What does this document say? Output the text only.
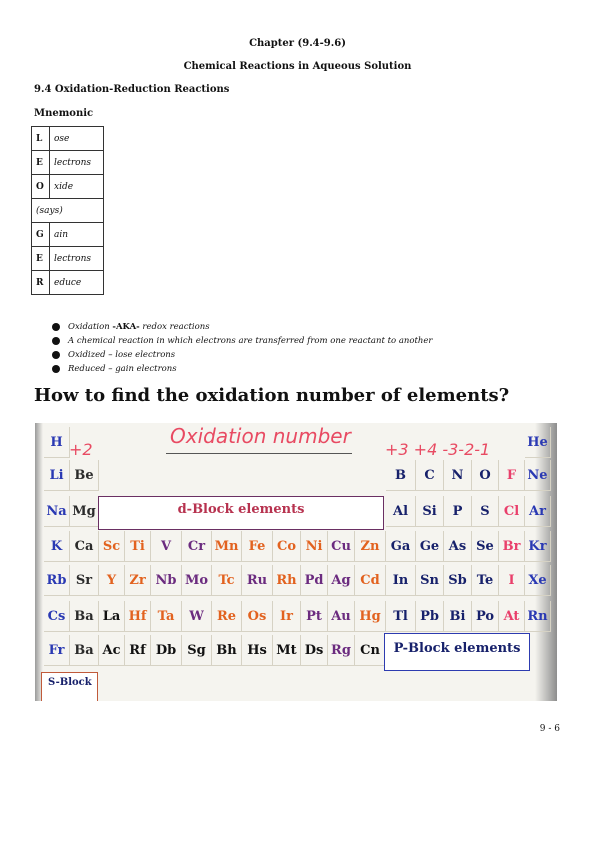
Chapter (9.4-9.6)
Chemical Reactions in Aqueous Solution
9.4 Oxidation-Reduction Reactions
Mnemonic
L	ose
E	lectrons
O	xide
(says)	
G	ain
E	lectrons
R	educe
Oxidation -AKA- redox reactions
A chemical reaction in which electrons are transferred from one reactant to another
Oxidized – lose electrons
Reduced – gain electrons
How to find the oxidation number of elements?
H	He
Li Be	B	C	N	O	F Ne
Na Mg	Al	Si	P	S	Cl Ar
K Ca Sc Ti	V	Cr Mn Fe Co Ni Cu Zn Ga Ge As Se Br Kr
Rb Sr	Y	Zr Nb Mo Tc Ru Rh Pd Ag Cd	In Sn Sb Te	I	Xe
Cs Ba La Hf Ta	W	Re Os	Ir	Pt Au Hg Tl Pb Bi Po At Rn
Fr Ba Ac Rf Db Sg Bh Hs Mt Ds Rg Cn
Oxidation number
+2	+3 +4 -3-2-1
d-Block elements
P-Block elements
S-Block
9 - 6
